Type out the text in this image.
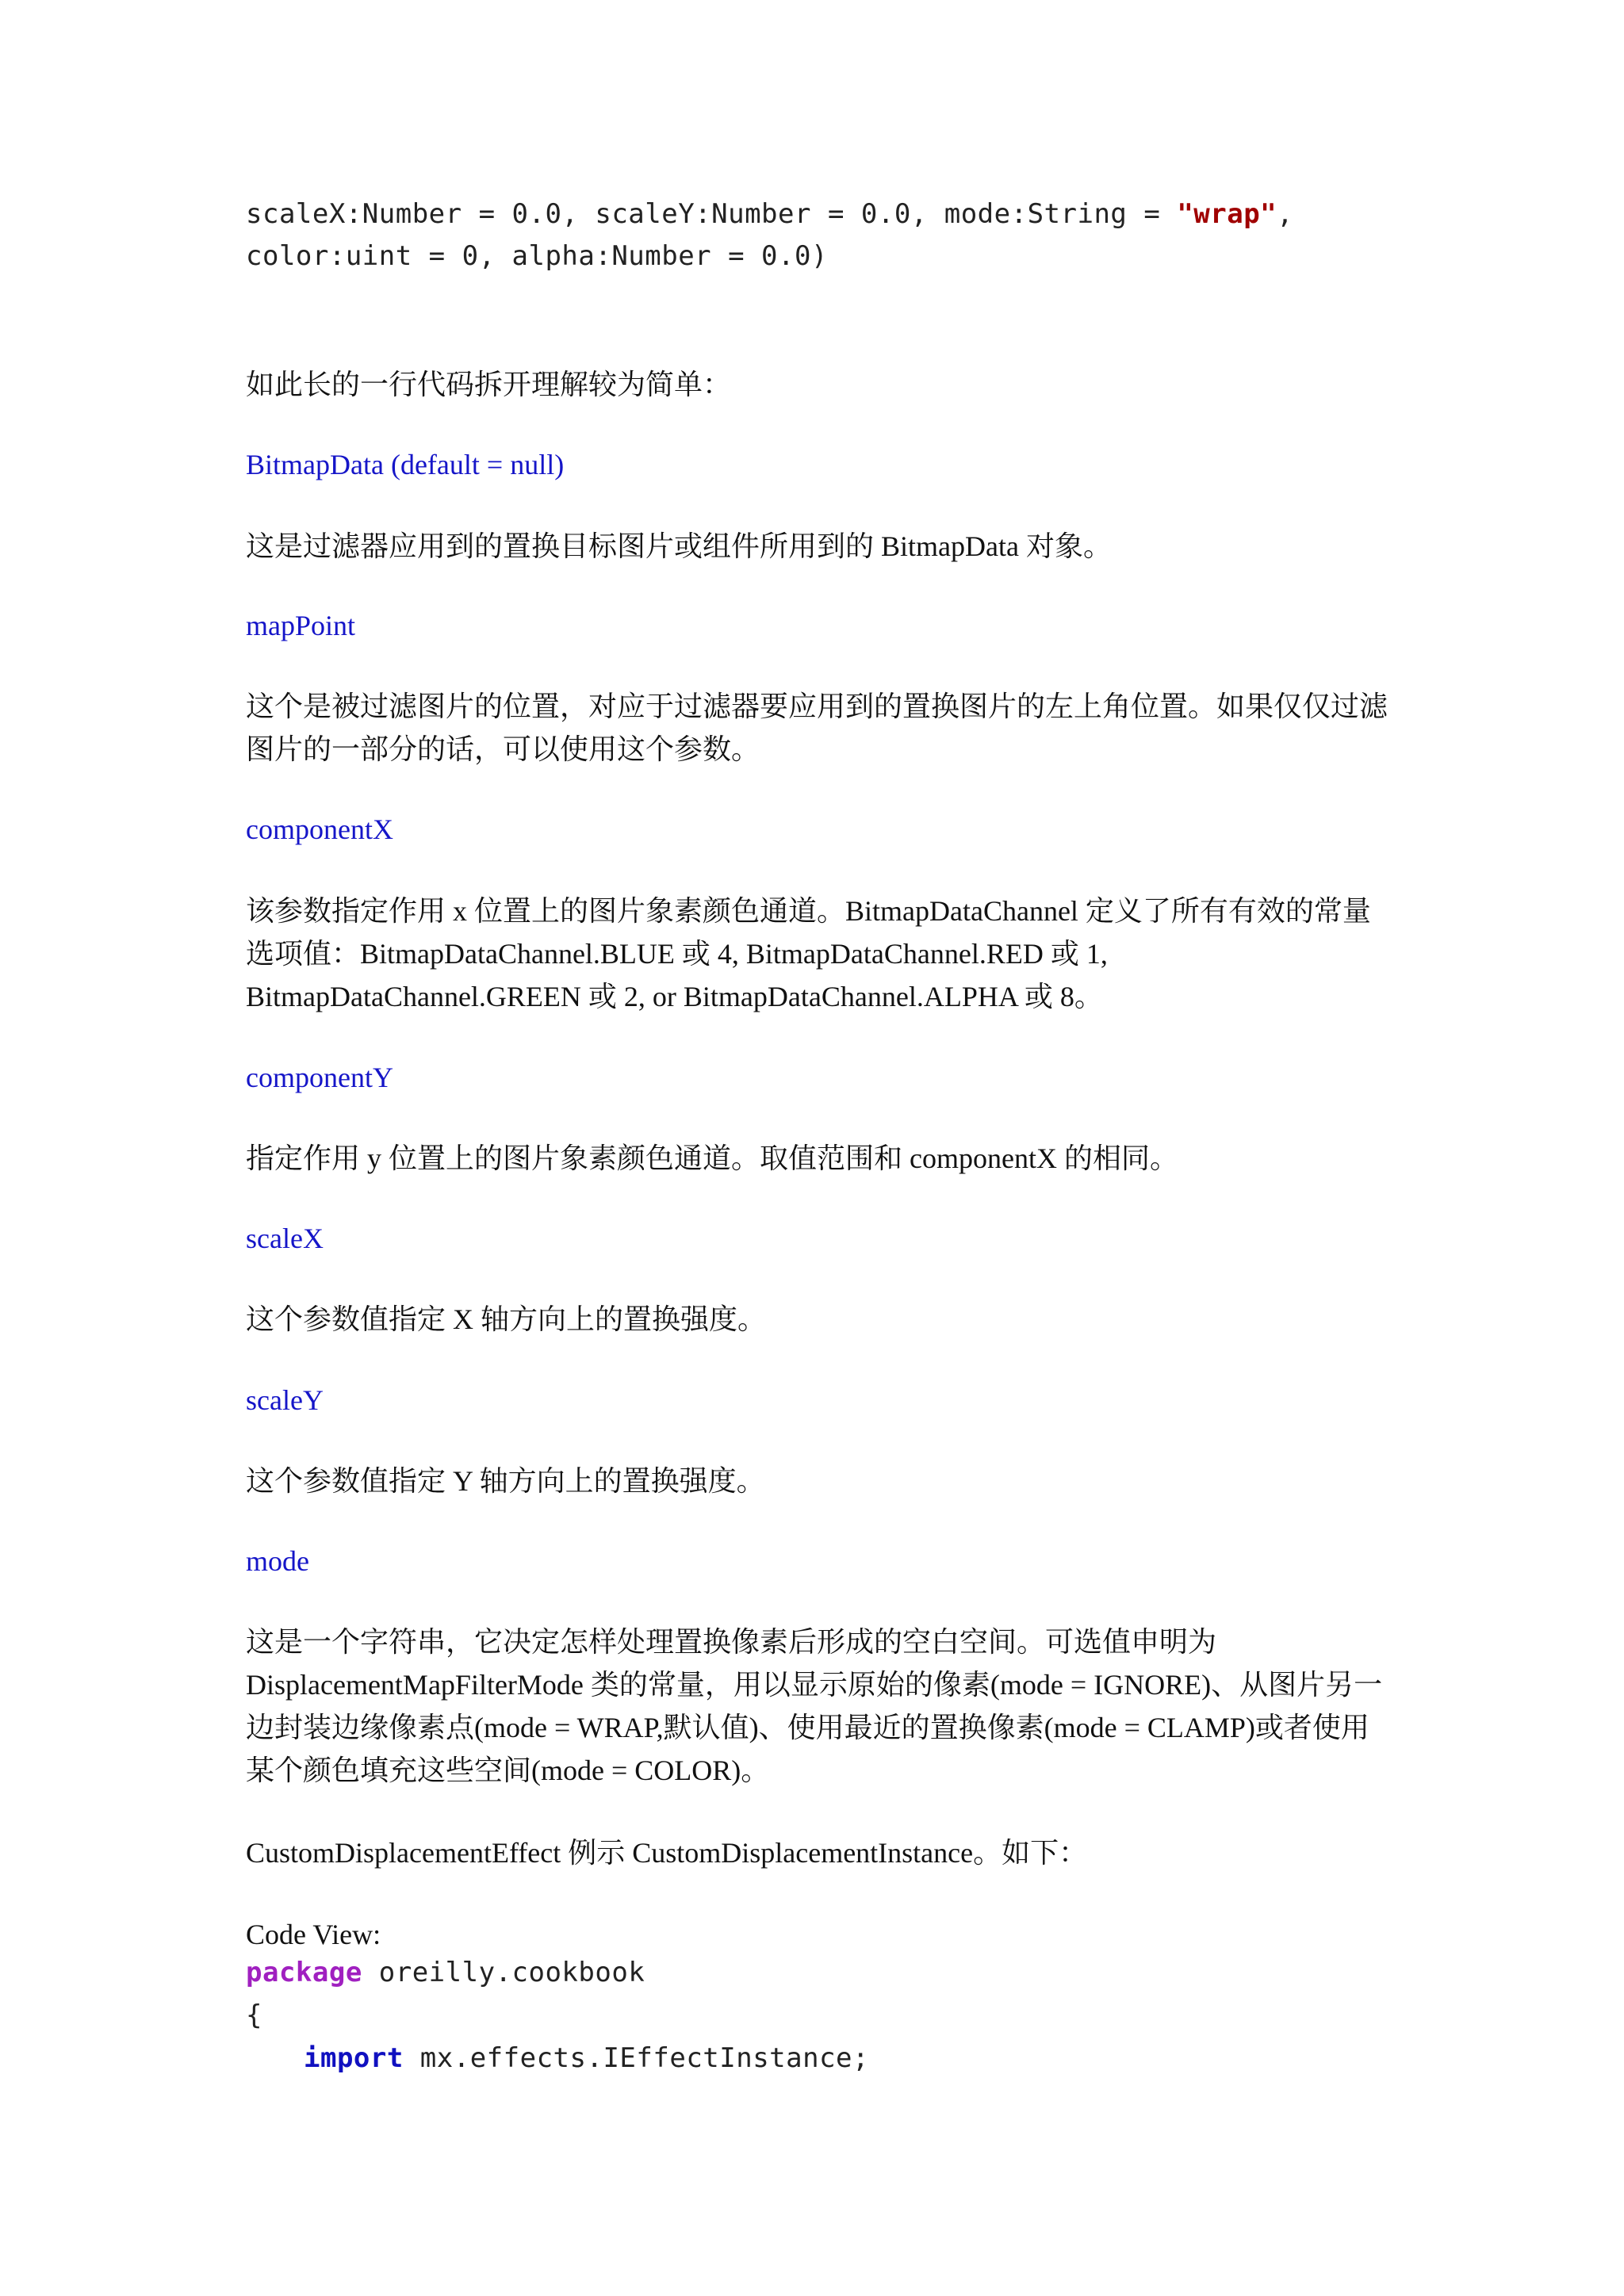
scaleX:Number = 0.0, scaleY:Number = 0.0, mode:String = "wrap",
color:uint = 0, alpha:Number = 0.0)
如此长的一行代码拆开理解较为简单：
BitmapData (default = null)
这是过滤器应用到的置换目标图片或组件所用到的 BitmapData 对象。
mapPoint
这个是被过滤图片的位置，对应于过滤器要应用到的置换图片的左上角位置。如果仅仅过滤图片的一部分的话，可以使用这个参数。
componentX
该参数指定作用 x 位置上的图片象素颜色通道。BitmapDataChannel 定义了所有有效的常量选项值：BitmapDataChannel.BLUE 或 4, BitmapDataChannel.RED 或 1, BitmapDataChannel.GREEN 或 2, or BitmapDataChannel.ALPHA 或 8。
componentY
指定作用 y 位置上的图片象素颜色通道。取值范围和 componentX 的相同。
scaleX
这个参数值指定 X 轴方向上的置换强度。
scaleY
这个参数值指定 Y 轴方向上的置换强度。
mode
这是一个字符串，它决定怎样处理置换像素后形成的空白空间。可选值申明为 DisplacementMapFilterMode 类的常量，用以显示原始的像素(mode = IGNORE)、从图片另一边封装边缘像素点(mode = WRAP,默认值)、使用最近的置换像素(mode = CLAMP)或者使用某个颜色填充这些空间(mode = COLOR)。
CustomDisplacementEffect 例示 CustomDisplacementInstance。如下：
Code View:
package oreilly.cookbook
{
import mx.effects.IEffectInstance;
